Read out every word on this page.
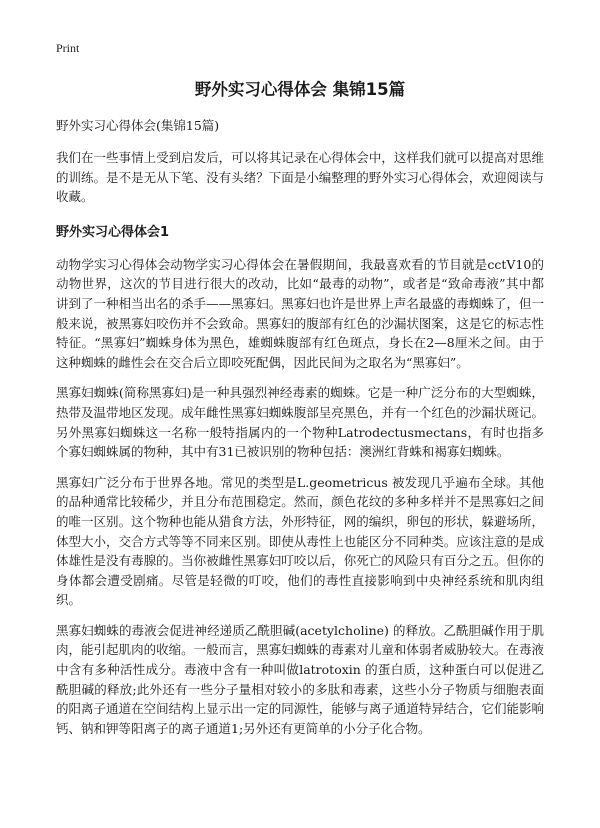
Print
野外实习心得体会 集锦15篇
野外实习心得体会(集锦15篇)

我们在一些事情上受到启发后，可以将其记录在心得体会中，这样我们就可以提高对思维的训练。是不是无从下笔、没有头绪？下面是小编整理的野外实习心得体会，欢迎阅读与收藏。

野外实习心得体会1

动物学实习心得体会动物学实习心得体会在暑假期间，我最喜欢看的节目就是cctV10的动物世界，这次的节目进行很大的改动，比如“最毒的动物”，或者是“致命毒液”其中都讲到了一种相当出名的杀手——黑寡妇。黑寡妇也许是世界上声名最盛的毒蜘蛛了，但一般来说，被黑寡妇咬伤并不会致命。黑寡妇的腹部有红色的沙漏状图案，这是它的标志性特征。“黑寡妇”蜘蛛身体为黑色，雄蜘蛛腹部有红色斑点，身长在2—8厘米之间。由于这种蜘蛛的雌性会在交合后立即咬死配偶，因此民间为之取名为“黑寡妇”。

黑寡妇蜘蛛(简称黑寡妇)是一种具强烈神经毒素的蜘蛛。它是一种广泛分布的大型蜘蛛，热带及温带地区发现。成年雌性黑寡妇蜘蛛腹部呈亮黑色，并有一个红色的沙漏状斑记。另外黑寡妇蜘蛛这一名称一般特指属内的一个物种Latrodectusmectans，有时也指多个寡妇蜘蛛属的物种，其中有31已被识别的物种包括：澳洲红背蛛和褐寡妇蜘蛛。

黑寡妇广泛分布于世界各地。常见的类型是L.geometricus 被发现几乎遍布全球。其他的品种通常比较稀少，并且分布范围稳定。然而，颜色花纹的多种多样并不是黑寡妇之间的唯一区别。这个物种也能从猎食方法，外形特征，网的编织，卵包的形状，躲避场所，体型大小，交合方式等等不同来区别。即使从毒性上也能区分不同种类。应该注意的是成体雄性是没有毒腺的。当你被雌性黑寡妇叮咬以后，你死亡的风险只有百分之五。但你的身体都会遭受剧痛。尽管是轻微的叮咬，他们的毒性直接影响到中央神经系统和肌肉组织。

黑寡妇蜘蛛的毒液会促进神经递质乙酰胆碱(acetylcholine) 的释放。乙酰胆碱作用于肌肉，能引起肌肉的收缩。一般而言，黑寡妇蜘蛛的毒素对儿童和体弱者威胁较大。在毒液中含有多种活性成分。毒液中含有一种叫做latrotoxin 的蛋白质，这种蛋白可以促进乙酰胆碱的释放;此外还有一些分子量相对较小的多肽和毒素，这些小分子物质与细胞表面的阳离子通道在空间结构上显示出一定的同源性，能够与离子通道特异结合，它们能影响钙、钠和钾等阳离子的离子通道1;另外还有更简单的小分子化合物。
